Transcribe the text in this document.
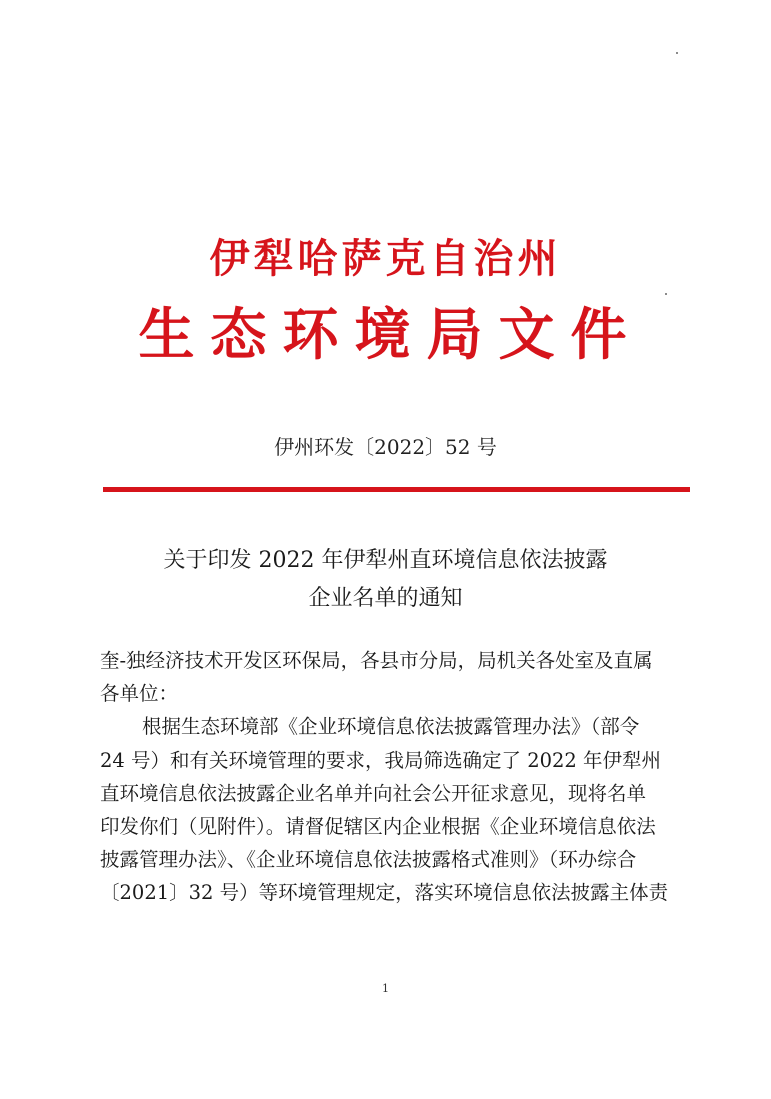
伊犁哈萨克自治州
生态环境局文件
伊州环发〔2022〕52 号
关于印发 2022 年伊犁州直环境信息依法披露
企业名单的通知
奎-独经济技术开发区环保局，各县市分局，局机关各处室及直属
各单位：
根据生态环境部《企业环境信息依法披露管理办法》（部令
24 号）和有关环境管理的要求，我局筛选确定了 2022 年伊犁州
直环境信息依法披露企业名单并向社会公开征求意见，现将名单
印发你们（见附件）。请督促辖区内企业根据《企业环境信息依法
披露管理办法》、《企业环境信息依法披露格式准则》（环办综合
〔2021〕32 号）等环境管理规定，落实环境信息依法披露主体责
1
